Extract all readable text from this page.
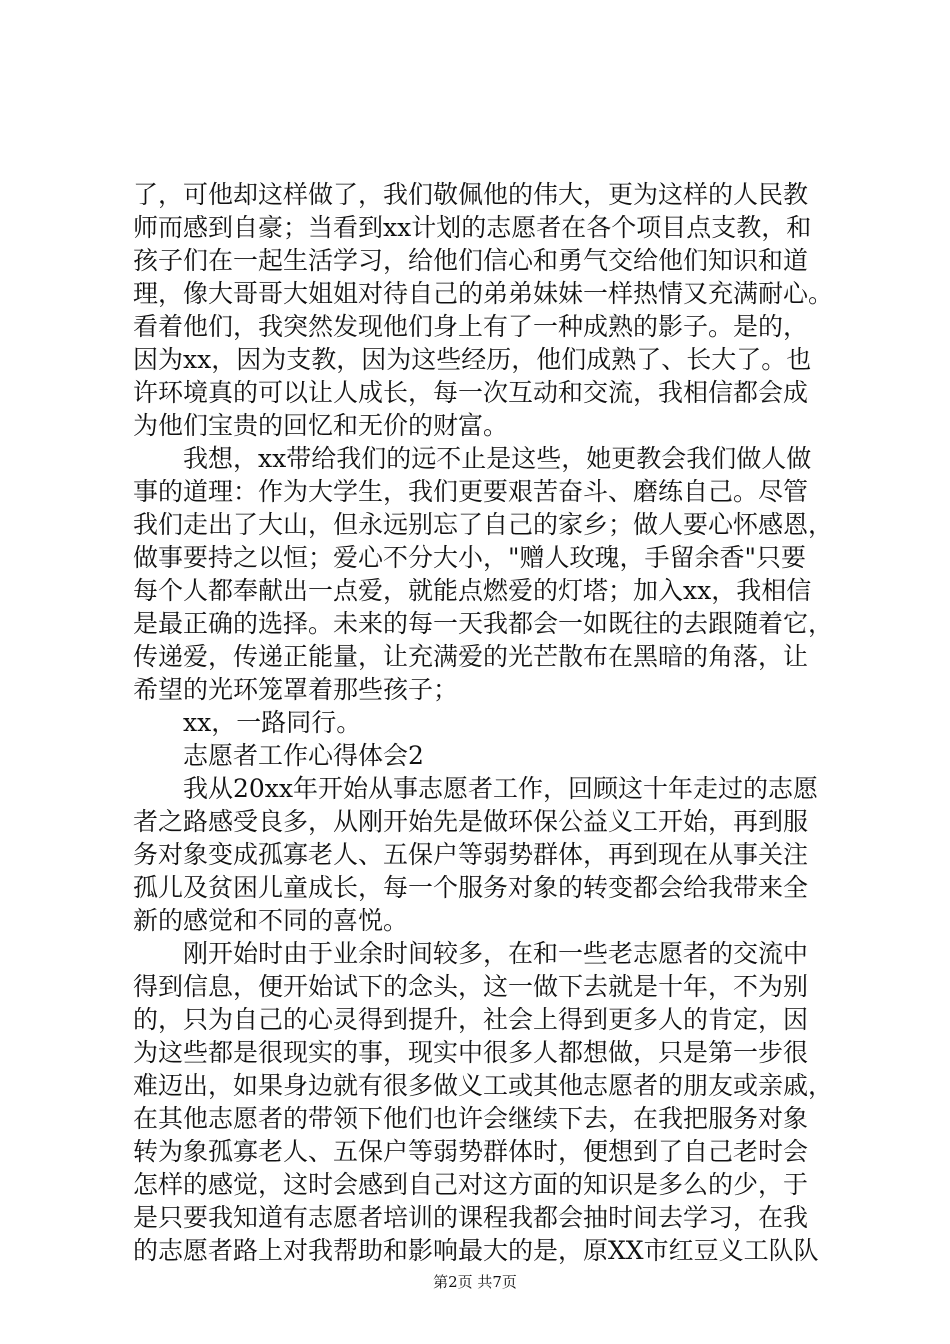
了，可他却这样做了，我们敬佩他的伟大，更为这样的人民教
师而感到自豪；当看到xx计划的志愿者在各个项目点支教，和
孩子们在一起生活学习，给他们信心和勇气交给他们知识和道
理，像大哥哥大姐姐对待自己的弟弟妹妹一样热情又充满耐心。
看着他们，我突然发现他们身上有了一种成熟的影子。是的，
因为xx，因为支教，因为这些经历，他们成熟了、长大了。也
许环境真的可以让人成长，每一次互动和交流，我相信都会成
为他们宝贵的回忆和无价的财富。
　　我想，xx带给我们的远不止是这些，她更教会我们做人做
事的道理：作为大学生，我们更要艰苦奋斗、磨练自己。尽管
我们走出了大山，但永远别忘了自己的家乡；做人要心怀感恩，
做事要持之以恒；爱心不分大小，"赠人玫瑰，手留余香"只要
每个人都奉献出一点爱，就能点燃爱的灯塔；加入xx，我相信
是最正确的选择。未来的每一天我都会一如既往的去跟随着它，
传递爱，传递正能量，让充满爱的光芒散布在黑暗的角落，让
希望的光环笼罩着那些孩子；
　　xx，一路同行。
　　志愿者工作心得体会2
　　我从20xx年开始从事志愿者工作，回顾这十年走过的志愿
者之路感受良多，从刚开始先是做环保公益义工开始，再到服
务对象变成孤寡老人、五保户等弱势群体，再到现在从事关注
孤儿及贫困儿童成长，每一个服务对象的转变都会给我带来全
新的感觉和不同的喜悦。
　　刚开始时由于业余时间较多，在和一些老志愿者的交流中
得到信息，便开始试下的念头，这一做下去就是十年，不为别
的，只为自己的心灵得到提升，社会上得到更多人的肯定，因
为这些都是很现实的事，现实中很多人都想做，只是第一步很
难迈出，如果身边就有很多做义工或其他志愿者的朋友或亲戚，
在其他志愿者的带领下他们也许会继续下去，在我把服务对象
转为象孤寡老人、五保户等弱势群体时，便想到了自己老时会
怎样的感觉，这时会感到自己对这方面的知识是多么的少，于
是只要我知道有志愿者培训的课程我都会抽时间去学习，在我
的志愿者路上对我帮助和影响最大的是，原XX市红豆义工队队
第2页 共7页
